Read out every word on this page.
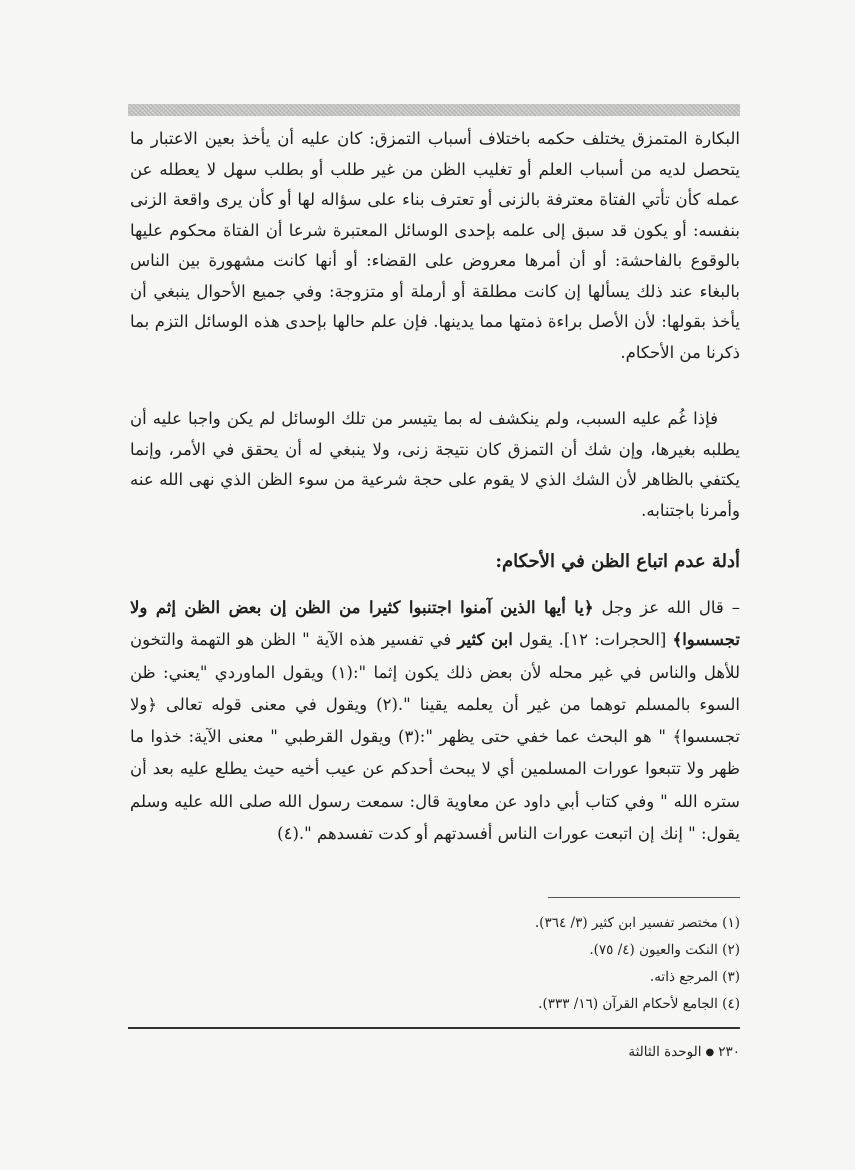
البكارة المتمزق يختلف حكمه باختلاف أسباب التمزق: كان عليه أن يأخذ بعين الاعتبار ما يتحصل لديه من أسباب العلم أو تغليب الظن من غير طلب أو بطلب سهل لا يعطله عن عمله كأن تأتي الفتاة معترفة بالزنى أو تعترف بناء على سؤاله لها أو كأن يرى واقعة الزنى بنفسه: أو يكون قد سبق إلى علمه بإحدى الوسائل المعتبرة شرعا أن الفتاة محكوم عليها بالوقوع بالفاحشة: أو أن أمرها معروض على القضاء: أو أنها كانت مشهورة بين الناس بالبغاء عند ذلك يسألها إن كانت مطلقة أو أرملة أو متزوجة: وفي جميع الأحوال ينبغي أن يأخذ بقولها: لأن الأصل براءة ذمتها مما يدينها. فإن علم حالها بإحدى هذه الوسائل التزم بما ذكرنا من الأحكام.

فإذا غُم عليه السبب، ولم ينكشف له بما يتيسر من تلك الوسائل لم يكن واجبا عليه أن يطلبه بغيرها، وإن شك أن التمزق كان نتيجة زنى، ولا ينبغي له أن يحقق في الأمر، وإنما يكتفي بالظاهر لأن الشك الذي لا يقوم على حجة شرعية من سوء الظن الذي نهى الله عنه وأمرنا باجتنابه.

أدلة عدم اتباع الظن في الأحكام:

– قال الله عز وجل ﴿يا أيها الذين آمنوا اجتنبوا كثيرا من الظن إن بعض الظن إثم ولا تجسسوا﴾ [الحجرات: ١٢]. يقول ابن كثير في تفسير هذه الآية " الظن هو التهمة والتخون للأهل والناس في غير محله لأن بعض ذلك يكون إثما ":(١) ويقول الماوردي "يعني: ظن السوء بالمسلم توهما من غير أن يعلمه يقينا ".(٢) ويقول في معنى قوله تعالى ﴿ولا تجسسوا﴾ " هو البحث عما خفي حتى يظهر ":(٣) ويقول القرطبي " معنى الآية: خذوا ما ظهر ولا تتبعوا عورات المسلمين أي لا يبحث أحدكم عن عيب أخيه حيث يطلع عليه بعد أن ستره الله " وفي كتاب أبي داود عن معاوية قال: سمعت رسول الله صلى الله عليه وسلم يقول: " إنك إن اتبعت عورات الناس أفسدتهم أو كدت تفسدهم ".(٤)

(١) مختصر تفسير ابن كثير (٣/ ٣٦٤).
(٢) النكت والعيون (٤/ ٧٥).
(٣) المرجع ذاته.
(٤) الجامع لأحكام القرآن (١٦/ ٣٣٣).
٢٣٠●الوحدة الثالثة
